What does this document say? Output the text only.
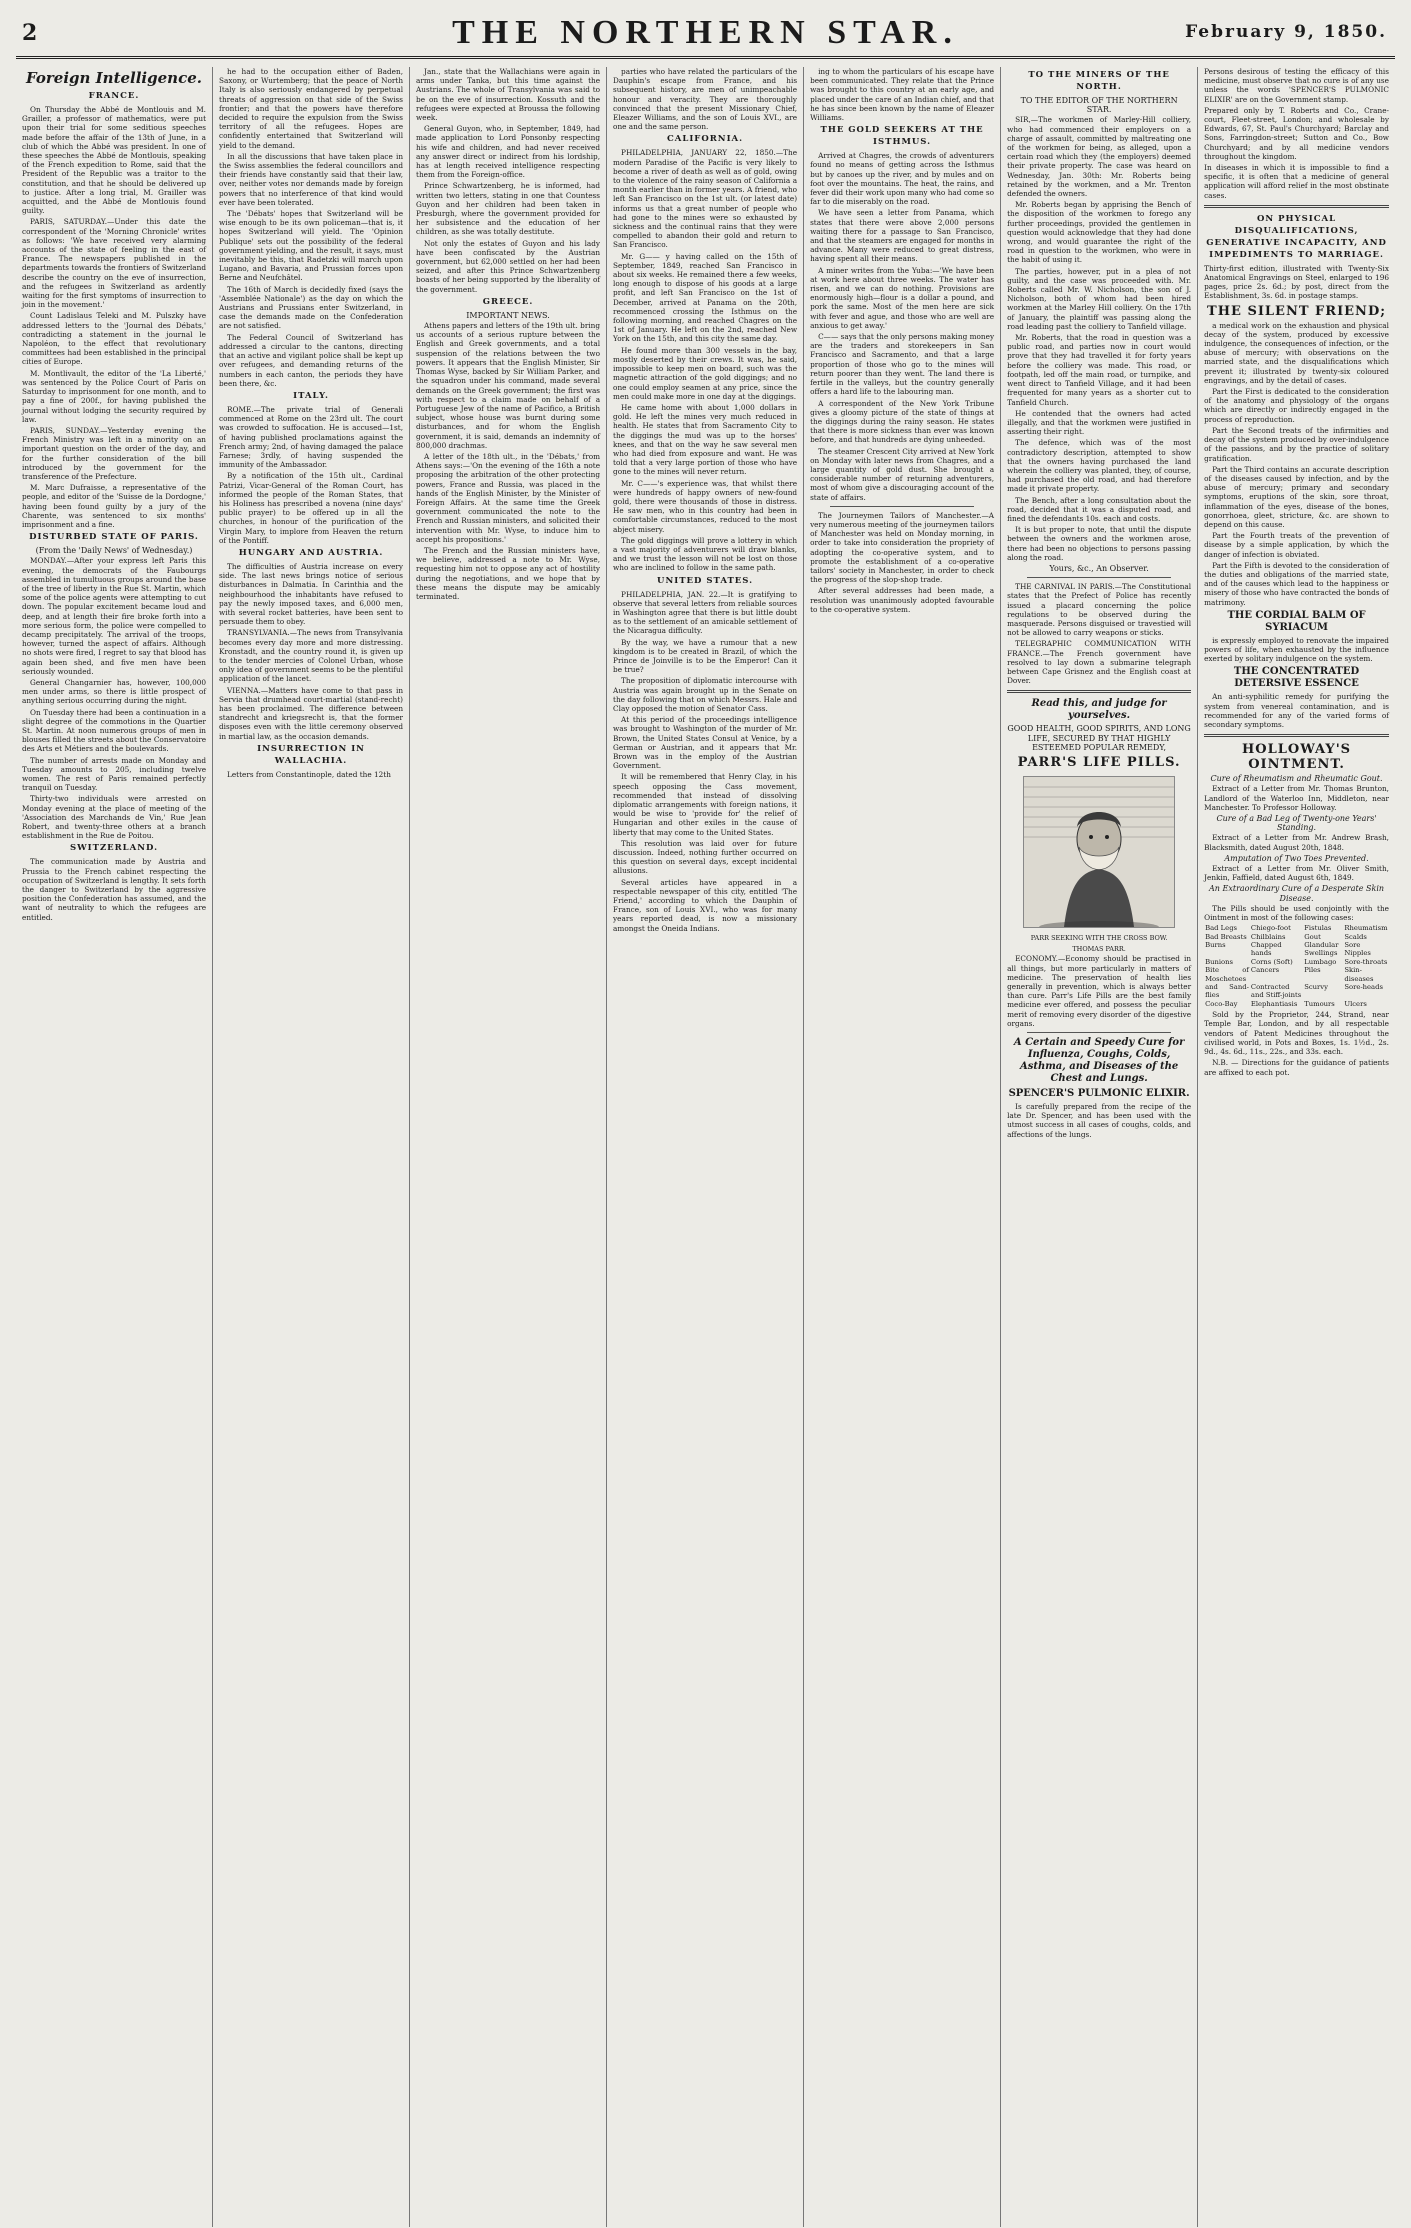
2	THE NORTHERN STAR.	February 9, 1850.
Foreign Intelligence.
FRANCE.

On Thursday the Abbé de Montlouis and M. Grailler, a professor of mathematics, were put upon their trial for some seditious speeches made before the affair of the 13th of June, in a club of which the Abbé was president. In one of these speeches the Abbé de Montlouis, speaking of the French expedition to Rome, said that the President of the Republic was a traitor to the constitution, and that he should be delivered up to justice. After a long trial, M. Grailler was acquitted, and the Abbé de Montlouis found guilty.

PARIS, SATURDAY.—Under this date the correspondent of the 'Morning Chronicle' writes as follows: 'We have received very alarming accounts of the state of feeling in the east of France. The newspapers published in the departments towards the frontiers of Switzerland describe the country on the eve of insurrection, and the refugees in Switzerland as ardently waiting for the first symptoms of insurrection to join in the movement.'

Count Ladislaus Teleki and M. Pulszky have addressed letters to the 'Journal des Débats,' contradicting a statement in the journal le Napoléon, to the effect that revolutionary committees had been established in the principal cities of Europe.

M. Montlivault, the editor of the 'La Liberté,' was sentenced by the Police Court of Paris on Saturday to imprisonment for one month, and to pay a fine of 200f., for having published the journal without lodging the security required by law.

PARIS, SUNDAY.—Yesterday evening the French Ministry was left in a minority on an important question on the order of the day, and for the further consideration of the bill introduced by the government for the transference of the Prefecture.

M. Marc Dufraisse, a representative of the people, and editor of the 'Suisse de la Dordogne,' having been found guilty by a jury of the Charente, was sentenced to six months' imprisonment and a fine.

DISTURBED STATE OF PARIS.

(From the 'Daily News' of Wednesday.)

MONDAY.—After your express left Paris this evening, the democrats of the Faubourgs assembled in tumultuous groups around the base of the tree of liberty in the Rue St. Martin, which some of the police agents were attempting to cut down. The popular excitement became loud and deep, and at length their fire broke forth into a more serious form, the police were compelled to decamp precipitately. The arrival of the troops, however, turned the aspect of affairs. Although no shots were fired, I regret to say that blood has again been shed, and five men have been seriously wounded.

General Changarnier has, however, 100,000 men under arms, so there is little prospect of anything serious occurring during the night.

On Tuesday there had been a continuation in a slight degree of the commotions in the Quartier St. Martin. At noon numerous groups of men in blouses filled the streets about the Conservatoire des Arts et Métiers and the boulevards.

The number of arrests made on Monday and Tuesday amounts to 205, including twelve women. The rest of Paris remained perfectly tranquil on Tuesday.

Thirty-two individuals were arrested on Monday evening at the place of meeting of the 'Association des Marchands de Vin,' Rue Jean Robert, and twenty-three others at a branch establishment in the Rue de Poitou.

SWITZERLAND.

The communication made by Austria and Prussia to the French cabinet respecting the occupation of Switzerland is lengthy. It sets forth the danger to Switzerland by the aggressive position the Confederation has assumed, and the want of neutrality to which the refugees are entitled.

he had to the occupation either of Baden, Saxony, or Wurtemberg; that the peace of North Italy is also seriously endangered by perpetual threats of aggression on that side of the Swiss frontier; and that the powers have therefore decided to require the expulsion from the Swiss territory of all the refugees. Hopes are confidently entertained that Switzerland will yield to the demand.

In all the discussions that have taken place in the Swiss assemblies the federal councillors and their friends have constantly said that their law, over, neither votes nor demands made by foreign powers that no interference of that kind would ever have been tolerated.

The 'Débats' hopes that Switzerland will be wise enough to be its own policeman—that is, it hopes Switzerland will yield. The 'Opinion Publique' sets out the possibility of the federal government yielding, and the result, it says, must inevitably be this, that Radetzki will march upon Lugano, and Bavaria, and Prussian forces upon Berne and Neufchâtel.

The 16th of March is decidedly fixed (says the 'Assemblée Nationale') as the day on which the Austrians and Prussians enter Switzerland, in case the demands made on the Confederation are not satisfied.

The Federal Council of Switzerland has addressed a circular to the cantons, directing that an active and vigilant police shall be kept up over refugees, and demanding returns of the numbers in each canton, the periods they have been there, &c.

ITALY.

ROME.—The private trial of Generali commenced at Rome on the 23rd ult. The court was crowded to suffocation. He is accused—1st, of having published proclamations against the French army; 2nd, of having damaged the palace Farnese; 3rdly, of having suspended the immunity of the Ambassador.

By a notification of the 15th ult., Cardinal Patrizi, Vicar-General of the Roman Court, has informed the people of the Roman States, that his Holiness has prescribed a novena (nine days' public prayer) to be offered up in all the churches, in honour of the purification of the Virgin Mary, to implore from Heaven the return of the Pontiff.

HUNGARY AND AUSTRIA.

The difficulties of Austria increase on every side. The last news brings notice of serious disturbances in Dalmatia. In Carinthia and the neighbourhood the inhabitants have refused to pay the newly imposed taxes, and 6,000 men, with several rocket batteries, have been sent to persuade them to obey.

TRANSYLVANIA.—The news from Transylvania becomes every day more and more distressing. Kronstadt, and the country round it, is given up to the tender mercies of Colonel Urban, whose only idea of government seems to be the plentiful application of the lancet.

VIENNA.—Matters have come to that pass in Servia that drumhead court-martial (stand-recht) has been proclaimed. The difference between standrecht and kriegsrecht is, that the former disposes even with the little ceremony observed in martial law, as the occasion demands.

INSURRECTION IN WALLACHIA.

Letters from Constantinople, dated the 12th

Jan., state that the Wallachians were again in arms under Tanka, but this time against the Austrians. The whole of Transylvania was said to be on the eve of insurrection. Kossuth and the refugees were expected at Broussa the following week.

General Guyon, who, in September, 1849, had made application to Lord Ponsonby respecting his wife and children, and had never received any answer direct or indirect from his lordship, has at length received intelligence respecting them from the Foreign-office.

Prince Schwartzenberg, he is informed, had written two letters, stating in one that Countess Guyon and her children had been taken in Presburgh, where the government provided for her subsistence and the education of her children, as she was totally destitute.

Not only the estates of Guyon and his lady have been confiscated by the Austrian government, but 62,000 settled on her had been seized, and after this Prince Schwartzenberg boasts of her being supported by the liberality of the government.

GREECE.

IMPORTANT NEWS.

Athens papers and letters of the 19th ult. bring us accounts of a serious rupture between the English and Greek governments, and a total suspension of the relations between the two powers. It appears that the English Minister, Sir Thomas Wyse, backed by Sir William Parker, and the squadron under his command, made several demands on the Greek government; the first was with respect to a claim made on behalf of a Portuguese Jew of the name of Pacifico, a British subject, whose house was burnt during some disturbances, and for whom the English government, it is said, demands an indemnity of 800,000 drachmas.

A letter of the 18th ult., in the 'Débats,' from Athens says:—'On the evening of the 16th a note proposing the arbitration of the other protecting powers, France and Russia, was placed in the hands of the English Minister, by the Minister of Foreign Affairs. At the same time the Greek government communicated the note to the French and Russian ministers, and solicited their intervention with Mr. Wyse, to induce him to accept his propositions.'

The French and the Russian ministers have, we believe, addressed a note to Mr. Wyse, requesting him not to oppose any act of hostility during the negotiations, and we hope that by these means the dispute may be amicably terminated.

parties who have related the particulars of the Dauphin's escape from France, and his subsequent history, are men of unimpeachable honour and veracity. They are thoroughly convinced that the present Missionary Chief, Eleazer Williams, and the son of Louis XVI., are one and the same person.

CALIFORNIA.

PHILADELPHIA, JANUARY 22, 1850.—The modern Paradise of the Pacific is very likely to become a river of death as well as of gold, owing to the violence of the rainy season of California a month earlier than in former years. A friend, who left San Francisco on the 1st ult. (or latest date) informs us that a great number of people who had gone to the mines were so exhausted by sickness and the continual rains that they were compelled to abandon their gold and return to San Francisco.

Mr. G—— y having called on the 15th of September, 1849, reached San Francisco in about six weeks. He remained there a few weeks, long enough to dispose of his goods at a large profit, and left San Francisco on the 1st of December, arrived at Panama on the 20th, recommenced crossing the Isthmus on the following morning, and reached Chagres on the 1st of January. He left on the 2nd, reached New York on the 15th, and this city the same day.

He found more than 300 vessels in the bay, mostly deserted by their crews. It was, he said, impossible to keep men on board, such was the magnetic attraction of the gold diggings; and no one could employ seamen at any price, since the men could make more in one day at the diggings.

He came home with about 1,000 dollars in gold. He left the mines very much reduced in health. He states that from Sacramento City to the diggings the mud was up to the horses' knees, and that on the way he saw several men who had died from exposure and want. He was told that a very large portion of those who have gone to the mines will never return.

Mr. C——'s experience was, that whilst there were hundreds of happy owners of new-found gold, there were thousands of those in distress. He saw men, who in this country had been in comfortable circumstances, reduced to the most abject misery.

The gold diggings will prove a lottery in which a vast majority of adventurers will draw blanks, and we trust the lesson will not be lost on those who are inclined to follow in the same path.

UNITED STATES.

PHILADELPHIA, JAN. 22.—It is gratifying to observe that several letters from reliable sources in Washington agree that there is but little doubt as to the settlement of an amicable settlement of the Nicaragua difficulty.

By the way, we have a rumour that a new kingdom is to be created in Brazil, of which the Prince de Joinville is to be the Emperor! Can it be true?

The proposition of diplomatic intercourse with Austria was again brought up in the Senate on the day following that on which Messrs. Hale and Clay opposed the motion of Senator Cass.

At this period of the proceedings intelligence was brought to Washington of the murder of Mr. Brown, the United States Consul at Venice, by a German or Austrian, and it appears that Mr. Brown was in the employ of the Austrian Government.

It will be remembered that Henry Clay, in his speech opposing the Cass movement, recommended that instead of dissolving diplomatic arrangements with foreign nations, it would be wise to 'provide for' the relief of Hungarian and other exiles in the cause of liberty that may come to the United States.

This resolution was laid over for future discussion. Indeed, nothing further occurred on this question on several days, except incidental allusions.

Several articles have appeared in a respectable newspaper of this city, entitled 'The Friend,' according to which the Dauphin of France, son of Louis XVI., who was for many years reported dead, is now a missionary amongst the Oneida Indians.

ing to whom the particulars of his escape have been communicated. They relate that the Prince was brought to this country at an early age, and placed under the care of an Indian chief, and that he has since been known by the name of Eleazer Williams.

THE GOLD SEEKERS AT THE ISTHMUS.

Arrived at Chagres, the crowds of adventurers found no means of getting across the Isthmus but by canoes up the river, and by mules and on foot over the mountains. The heat, the rains, and fever did their work upon many who had come so far to die miserably on the road.

We have seen a letter from Panama, which states that there were above 2,000 persons waiting there for a passage to San Francisco, and that the steamers are engaged for months in advance. Many were reduced to great distress, having spent all their means.

A miner writes from the Yuba:—'We have been at work here about three weeks. The water has risen, and we can do nothing. Provisions are enormously high—flour is a dollar a pound, and pork the same. Most of the men here are sick with fever and ague, and those who are well are anxious to get away.'

C—— says that the only persons making money are the traders and storekeepers in San Francisco and Sacramento, and that a large proportion of those who go to the mines will return poorer than they went. The land there is fertile in the valleys, but the country generally offers a hard life to the labouring man.

A correspondent of the New York Tribune gives a gloomy picture of the state of things at the diggings during the rainy season. He states that there is more sickness than ever was known before, and that hundreds are dying unheeded.

The steamer Crescent City arrived at New York on Monday with later news from Chagres, and a large quantity of gold dust. She brought a considerable number of returning adventurers, most of whom give a discouraging account of the state of affairs.

The Journeymen Tailors of Manchester.—A very numerous meeting of the journeymen tailors of Manchester was held on Monday morning, in order to take into consideration the propriety of adopting the co-operative system, and to promote the establishment of a co-operative tailors' society in Manchester, in order to check the progress of the slop-shop trade.

After several addresses had been made, a resolution was unanimously adopted favourable to the co-operative system.

TO THE MINERS OF THE NORTH.

TO THE EDITOR OF THE NORTHERN STAR.

SIR,—The workmen of Marley-Hill colliery, who had commenced their employers on a charge of assault, committed by maltreating one of the workmen for being, as alleged, upon a certain road which they (the employers) deemed their private property. The case was heard on Wednesday, Jan. 30th: Mr. Roberts being retained by the workmen, and a Mr. Trenton defended the owners.

Mr. Roberts began by apprising the Bench of the disposition of the workmen to forego any further proceedings, provided the gentlemen in question would acknowledge that they had done wrong, and would guarantee the right of the road in question to the workmen, who were in the habit of using it.

The parties, however, put in a plea of not guilty, and the case was proceeded with. Mr. Roberts called Mr. W. Nicholson, the son of J. Nicholson, both of whom had been hired workmen at the Marley Hill colliery. On the 17th of January, the plaintiff was passing along the road leading past the colliery to Tanfield village.

Mr. Roberts, that the road in question was a public road, and parties now in court would prove that they had travelled it for forty years before the colliery was made. This road, or footpath, led off the main road, or turnpike, and went direct to Tanfield Village, and it had been frequented for many years as a shorter cut to Tanfield Church.

He contended that the owners had acted illegally, and that the workmen were justified in asserting their right.

The defence, which was of the most contradictory description, attempted to show that the owners having purchased the land wherein the colliery was planted, they, of course, had purchased the old road, and had therefore made it private property.

The Bench, after a long consultation about the road, decided that it was a disputed road, and fined the defendants 10s. each and costs.

It is but proper to note, that until the dispute between the owners and the workmen arose, there had been no objections to persons passing along the road.

Yours, &c., An Observer.

THE CARNIVAL IN PARIS.—The Constitutional states that the Prefect of Police has recently issued a placard concerning the police regulations to be observed during the masquerade. Persons disguised or travestied will not be allowed to carry weapons or sticks.

TELEGRAPHIC COMMUNICATION WITH FRANCE.—The French government have resolved to lay down a submarine telegraph between Cape Grisnez and the English coast at Dover.

Read this, and judge for yourselves.

GOOD HEALTH, GOOD SPIRITS, AND LONG LIFE, SECURED BY THAT HIGHLY ESTEEMED POPULAR REMEDY,

PARR'S LIFE PILLS.
PARR SEEKING WITH THE CROSS BOW.
THOMAS PARR.

ECONOMY.—Economy should be practised in all things, but more particularly in matters of medicine. The preservation of health lies generally in prevention, which is always better than cure. Parr's Life Pills are the best family medicine ever offered, and possess the peculiar merit of removing every disorder of the digestive organs.

A Certain and Speedy Cure for Influenza, Coughs, Colds, Asthma, and Diseases of the Chest and Lungs.

SPENCER'S PULMONIC ELIXIR.

Is carefully prepared from the recipe of the late Dr. Spencer, and has been used with the utmost success in all cases of coughs, colds, and affections of the lungs.

Persons desirous of testing the efficacy of this medicine, must observe that no cure is of any use unless the words 'SPENCER'S PULMONIC ELIXIR' are on the Government stamp.

Prepared only by T. Roberts and Co., Crane-court, Fleet-street, London; and wholesale by Edwards, 67, St. Paul's Churchyard; Barclay and Sons, Farringdon-street; Sutton and Co., Bow Churchyard; and by all medicine vendors throughout the kingdom.

In diseases in which it is impossible to find a specific, it is often that a medicine of general application will afford relief in the most obstinate cases.

ON PHYSICAL DISQUALIFICATIONS, GENERATIVE INCAPACITY, AND IMPEDIMENTS TO MARRIAGE.

Thirty-first edition, illustrated with Twenty-Six Anatomical Engravings on Steel, enlarged to 196 pages, price 2s. 6d.; by post, direct from the Establishment, 3s. 6d. in postage stamps.

THE SILENT FRIEND;

a medical work on the exhaustion and physical decay of the system, produced by excessive indulgence, the consequences of infection, or the abuse of mercury; with observations on the married state, and the disqualifications which prevent it; illustrated by twenty-six coloured engravings, and by the detail of cases.

Part the First is dedicated to the consideration of the anatomy and physiology of the organs which are directly or indirectly engaged in the process of reproduction.

Part the Second treats of the infirmities and decay of the system produced by over-indulgence of the passions, and by the practice of solitary gratification.

Part the Third contains an accurate description of the diseases caused by infection, and by the abuse of mercury; primary and secondary symptoms, eruptions of the skin, sore throat, inflammation of the eyes, disease of the bones, gonorrhoea, gleet, stricture, &c. are shown to depend on this cause.

Part the Fourth treats of the prevention of disease by a simple application, by which the danger of infection is obviated.

Part the Fifth is devoted to the consideration of the duties and obligations of the married state, and of the causes which lead to the happiness or misery of those who have contracted the bonds of matrimony.

THE CORDIAL BALM OF SYRIACUM

is expressly employed to renovate the impaired powers of life, when exhausted by the influence exerted by solitary indulgence on the system.

THE CONCENTRATED DETERSIVE ESSENCE

An anti-syphilitic remedy for purifying the system from venereal contamination, and is recommended for any of the varied forms of secondary symptoms.

HOLLOWAY'S OINTMENT.

Cure of Rheumatism and Rheumatic Gout.

Extract of a Letter from Mr. Thomas Brunton, Landlord of the Waterloo Inn, Middleton, near Manchester. To Professor Holloway.

Cure of a Bad Leg of Twenty-one Years' Standing.

Extract of a Letter from Mr. Andrew Brash, Blacksmith, dated August 20th, 1848.

Amputation of Two Toes Prevented.

Extract of a Letter from Mr. Oliver Smith, Jenkin, Faffield, dated August 6th, 1849.

An Extraordinary Cure of a Desperate Skin Disease.

The Pills should be used conjointly with the Ointment in most of the following cases:

Bad Legs	Chiego-foot	Fistulas	Rheumatism
Bad Breasts	Chilblains	Gout	Scalds
Burns	Chapped hands	Glandular Swellings	Sore Nipples
Bunions	Corns (Soft)	Lumbago	Sore-throats
Bite of Moschetoes	Cancers	Piles	Skin-diseases
and Sand-flies	Contracted and Stiff-joints	Scurvy	Sore-heads
Coco-Bay	Elephantiasis	Tumours	Ulcers

Sold by the Proprietor, 244, Strand, near Temple Bar, London, and by all respectable vendors of Patent Medicines throughout the civilised world, in Pots and Boxes, 1s. 1½d., 2s. 9d., 4s. 6d., 11s., 22s., and 33s. each.

N.B. — Directions for the guidance of patients are affixed to each pot.
